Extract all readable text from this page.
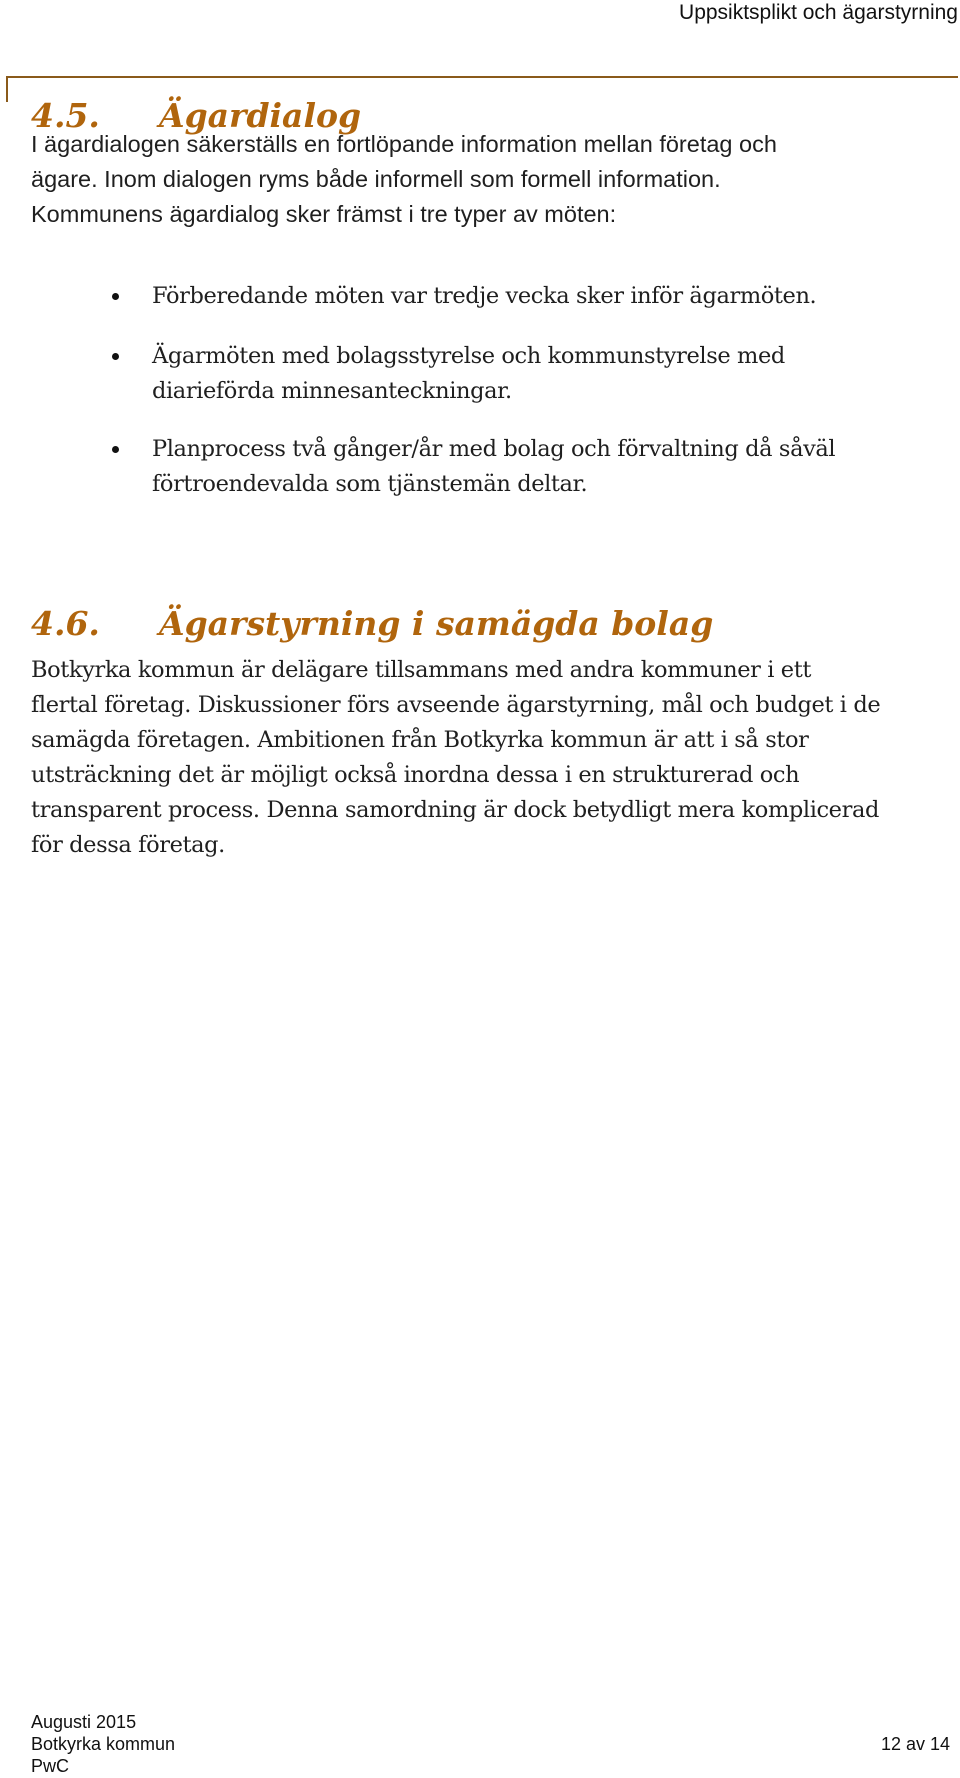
Uppsiktsplikt och ägarstyrning
4.5. Ägardialog

I ägardialogen säkerställs en fortlöpande information mellan företag och
ägare. Inom dialogen ryms både informell som formell information.
Kommunens ägardialog sker främst i tre typer av möten:

Förberedande möten var tredje vecka sker inför ägarmöten.
Ägarmöten med bolagsstyrelse och kommunstyrelse med
diarieförda minnesanteckningar.
Planprocess två gånger/år med bolag och förvaltning då såväl
förtroendevalda som tjänstemän deltar.
4.6. Ägarstyrning i samägda bolag

Botkyrka kommun är delägare tillsammans med andra kommuner i ett
flertal företag. Diskussioner förs avseende ägarstyrning, mål och budget i de
samägda företagen. Ambitionen från Botkyrka kommun är att i så stor
utsträckning det är möjligt också inordna dessa i en strukturerad och
transparent process. Denna samordning är dock betydligt mera komplicerad
för dessa företag.

Augusti 2015
Botkyrka kommun	12 av 14
PwC
